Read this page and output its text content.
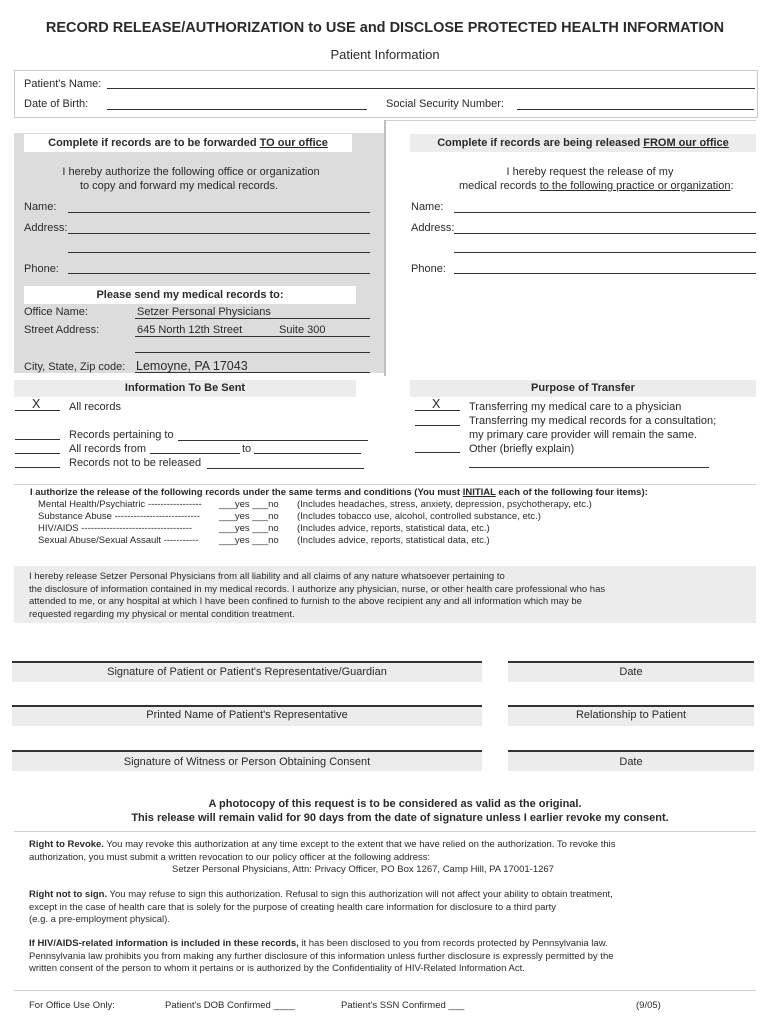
RECORD RELEASE/AUTHORIZATION to USE and DISCLOSE PROTECTED HEALTH INFORMATION
Patient Information
Patient's Name:
Date of Birth:	Social Security Number:
Complete if records are to be forwarded TO our office
I hereby authorize the following office or organization
to copy and forward my medical records.
Name:
Address:
Phone:
Please send my medical records to:
Office Name:	Setzer Personal Physicians
Street Address:	645 North 12th Street	Suite 300
City, State, Zip code: Lemoyne, PA 17043
Complete if records are being released FROM our office
I hereby request the release of my
medical records to the following practice or organization:
Name:
Address:
Phone:
Information To Be Sent
X	All records
Records pertaining to
All records from	to
Records not to be released
Purpose of Transfer
X	Transferring my medical care to a physician
Transferring my medical records for a consultation;
my primary care provider will remain the same.
Other (briefly explain)
I authorize the release of the following records under the same terms and conditions (You must INITIAL each of the following four items):
Mental Health/Psychiatric -----------------	___yes ___no (Includes headaches, stress, anxiety, depression, psychotherapy, etc.)
Substance Abuse ---------------------------	___yes ___no (Includes tobacco use, alcohol, controlled substance, etc.)
HIV/AIDS -----------------------------------	___yes ___no (Includes advice, reports, statistical data, etc.)
Sexual Abuse/Sexual Assault -----------	___yes ___no (Includes advice, reports, statistical data, etc.)
I hereby release Setzer Personal Physicians from all liability and all claims of any nature whatsoever pertaining to
the disclosure of information contained in my medical records. I authorize any physician, nurse, or other health care professional who has
attended to me, or any hospital at which I have been confined to furnish to the above recipient any and all information which may be
requested regarding my physical or mental condition treatment.
Signature of Patient or Patient's Representative/Guardian	Date
Printed Name of Patient's Representative	Relationship to Patient
Signature of Witness or Person Obtaining Consent	Date
A photocopy of this request is to be considered as valid as the original.
This release will remain valid for 90 days from the date of signature unless I earlier revoke my consent.
Right to Revoke. You may revoke this authorization at any time except to the extent that we have relied on the authorization. To revoke this
authorization, you must submit a written revocation to our policy officer at the following address:
Setzer Personal Physicians, Attn: Privacy Officer, PO Box 1267, Camp Hill, PA 17001-1267
Right not to sign. You may refuse to sign this authorization. Refusal to sign this authorization will not affect your ability to obtain treatment,
except in the case of health care that is solely for the purpose of creating health care information for disclosure to a third party
(e.g. a pre-employment physical).
If HIV/AIDS-related information is included in these records, it has been disclosed to you from records protected by Pennsylvania law.
Pennsylvania law prohibits you from making any further disclosure of this information unless further disclosure is expressly permitted by the
written consent of the person to whom it pertains or is authorized by the Confidentiality of HIV-Related Information Act.
For Office Use Only:	Patient's DOB Confirmed ____	Patient's SSN Confirmed ___	(9/05)
